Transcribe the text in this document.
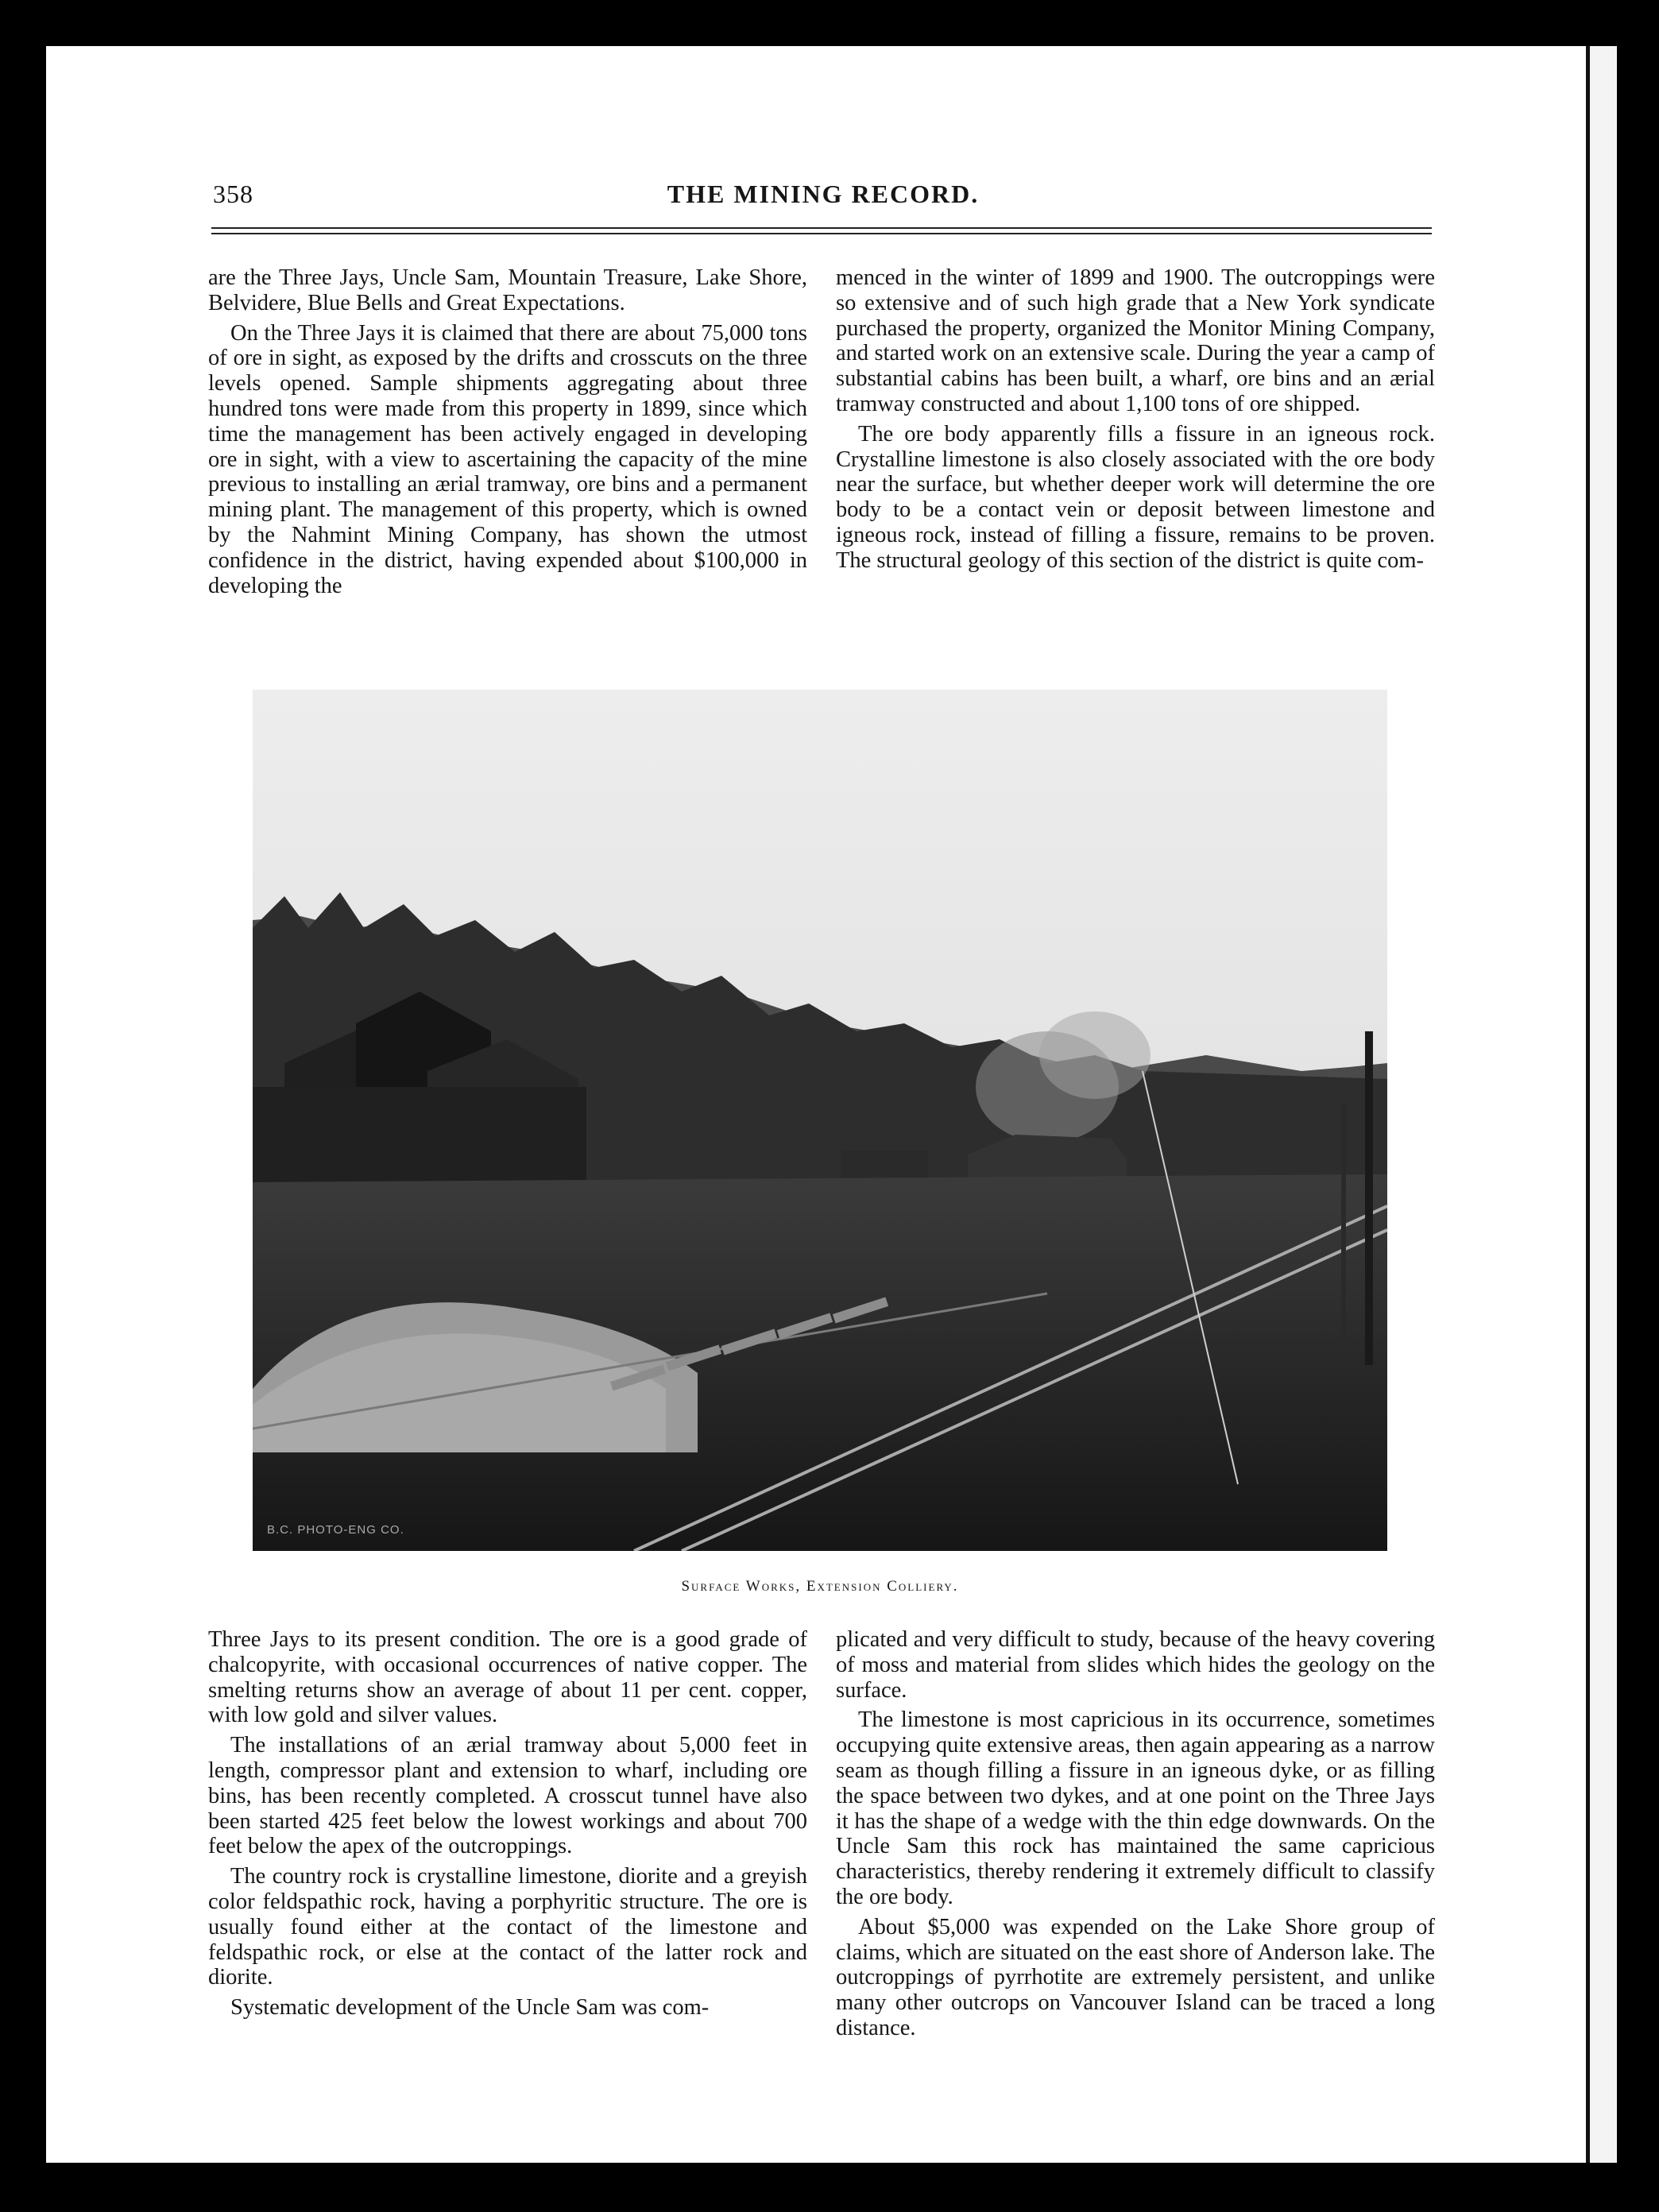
THE MINING RECORD.
358

are the Three Jays, Uncle Sam, Mountain Treasure, Lake Shore, Belvidere, Blue Bells and Great Expectations.

On the Three Jays it is claimed that there are about 75,000 tons of ore in sight, as exposed by the drifts and crosscuts on the three levels opened. Sample shipments aggregating about three hundred tons were made from this property in 1899, since which time the management has been actively engaged in developing ore in sight, with a view to ascertaining the capacity of the mine previous to installing an ærial tramway, ore bins and a permanent mining plant. The management of this property, which is owned by the Nahmint Mining Company, has shown the utmost confidence in the district, having expended about $100,000 in developing the

menced in the winter of 1899 and 1900. The outcroppings were so extensive and of such high grade that a New York syndicate purchased the property, organized the Monitor Mining Company, and started work on an extensive scale. During the year a camp of substantial cabins has been built, a wharf, ore bins and an ærial tramway constructed and about 1,100 tons of ore shipped.

The ore body apparently fills a fissure in an igneous rock. Crystalline limestone is also closely associated with the ore body near the surface, but whether deeper work will determine the ore body to be a contact vein or deposit between limestone and igneous rock, instead of filling a fissure, remains to be proven. The structural geology of this section of the district is quite com-

B.C. PHOTO-ENG CO.
Surface Works, Extension Colliery.

Three Jays to its present condition. The ore is a good grade of chalcopyrite, with occasional occurrences of native copper. The smelting returns show an average of about 11 per cent. copper, with low gold and silver values.

The installations of an ærial tramway about 5,000 feet in length, compressor plant and extension to wharf, including ore bins, has been recently completed. A crosscut tunnel have also been started 425 feet below the lowest workings and about 700 feet below the apex of the outcroppings.

The country rock is crystalline limestone, diorite and a greyish color feldspathic rock, having a porphyritic structure. The ore is usually found either at the contact of the limestone and feldspathic rock, or else at the contact of the latter rock and diorite.

Systematic development of the Uncle Sam was com-

plicated and very difficult to study, because of the heavy covering of moss and material from slides which hides the geology on the surface.

The limestone is most capricious in its occurrence, sometimes occupying quite extensive areas, then again appearing as a narrow seam as though filling a fissure in an igneous dyke, or as filling the space between two dykes, and at one point on the Three Jays it has the shape of a wedge with the thin edge downwards. On the Uncle Sam this rock has maintained the same capricious characteristics, thereby rendering it extremely difficult to classify the ore body.

About $5,000 was expended on the Lake Shore group of claims, which are situated on the east shore of Anderson lake. The outcroppings of pyrrhotite are extremely persistent, and unlike many other outcrops on Vancouver Island can be traced a long distance.
